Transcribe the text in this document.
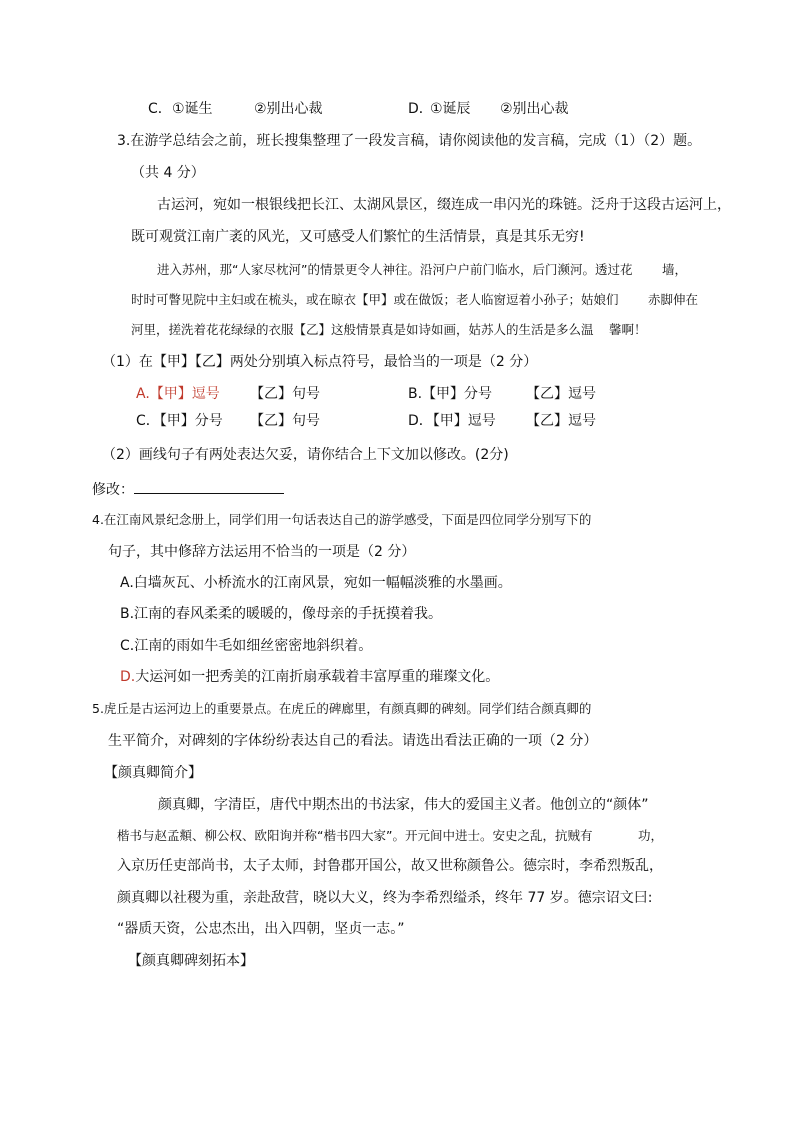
C． ①诞生	②别出心裁	D．
①诞辰 ②别出心裁
3.在游学总结会之前，班长搜集整理了一段发言稿，请你阅读他的发言稿，完成（1）（2）题。
（共 4 分）
古运河，宛如一根银线把长江、太湖风景区，缀连成一串闪光的珠链。泛舟于这段古运河上，
既可观赏江南广袤的风光，又可感受人们繁忙的生活情景，真是其乐无穷!
进入苏州，那“人家尽枕河”的情景更令人神往。沿河户户前门临水，后门濒河。透过花 墙，
时时可瞥见院中主妇或在梳头，或在晾衣【甲】或在做饭；老人临窗逗着小孙子；姑娘们 赤脚伸在
河里，搓洗着花花绿绿的衣服【乙】这般情景真是如诗如画，姑苏人的生活是多么温 馨啊！
（1）在【甲】【乙】两处分别填入标点符号，最恰当的一项是（2 分）
A.【甲】逗号 【乙】句号	B.【甲】分号 【乙】逗号
C．【甲】分号 【乙】句号	D．【甲】逗号 【乙】逗号
（2）画线句子有两处表达欠妥，请你结合上下文加以修改。(2分)
修改：
4.在江南风景纪念册上，同学们用一句话表达自己的游学感受，下面是四位同学分别写下的
句子，其中修辞方法运用不恰当的一项是（2 分）
A.白墙灰瓦、小桥流水的江南风景，宛如一幅幅淡雅的水墨画。
B.江南的春风柔柔的暖暖的，像母亲的手抚摸着我。
C.江南的雨如牛毛如细丝密密地斜织着。
D.大运河如一把秀美的江南折扇承载着丰富厚重的璀璨文化。
5.虎丘是古运河边上的重要景点。在虎丘的碑廊里，有颜真卿的碑刻。同学们结合颜真卿的
生平简介，对碑刻的字体纷纷表达自己的看法。请选出看法正确的一项（2 分）
【颜真卿简介】
颜真卿，字清臣，唐代中期杰出的书法家，伟大的爱国主义者。他创立的“颜体”
楷书与赵孟頫、柳公权、欧阳询并称“楷书四大家”。开元间中进士。安史之乱，抗贼有	功，
入京历任吏部尚书，太子太师，封鲁郡开国公，故又世称颜鲁公。德宗时，李希烈叛乱，
颜真卿以社稷为重，亲赴敌营，晓以大义，终为李希烈缢杀，终年 77 岁。德宗诏文曰:
“器质天资，公忠杰出，出入四朝，坚贞一志。”
【颜真卿碑刻拓本】
